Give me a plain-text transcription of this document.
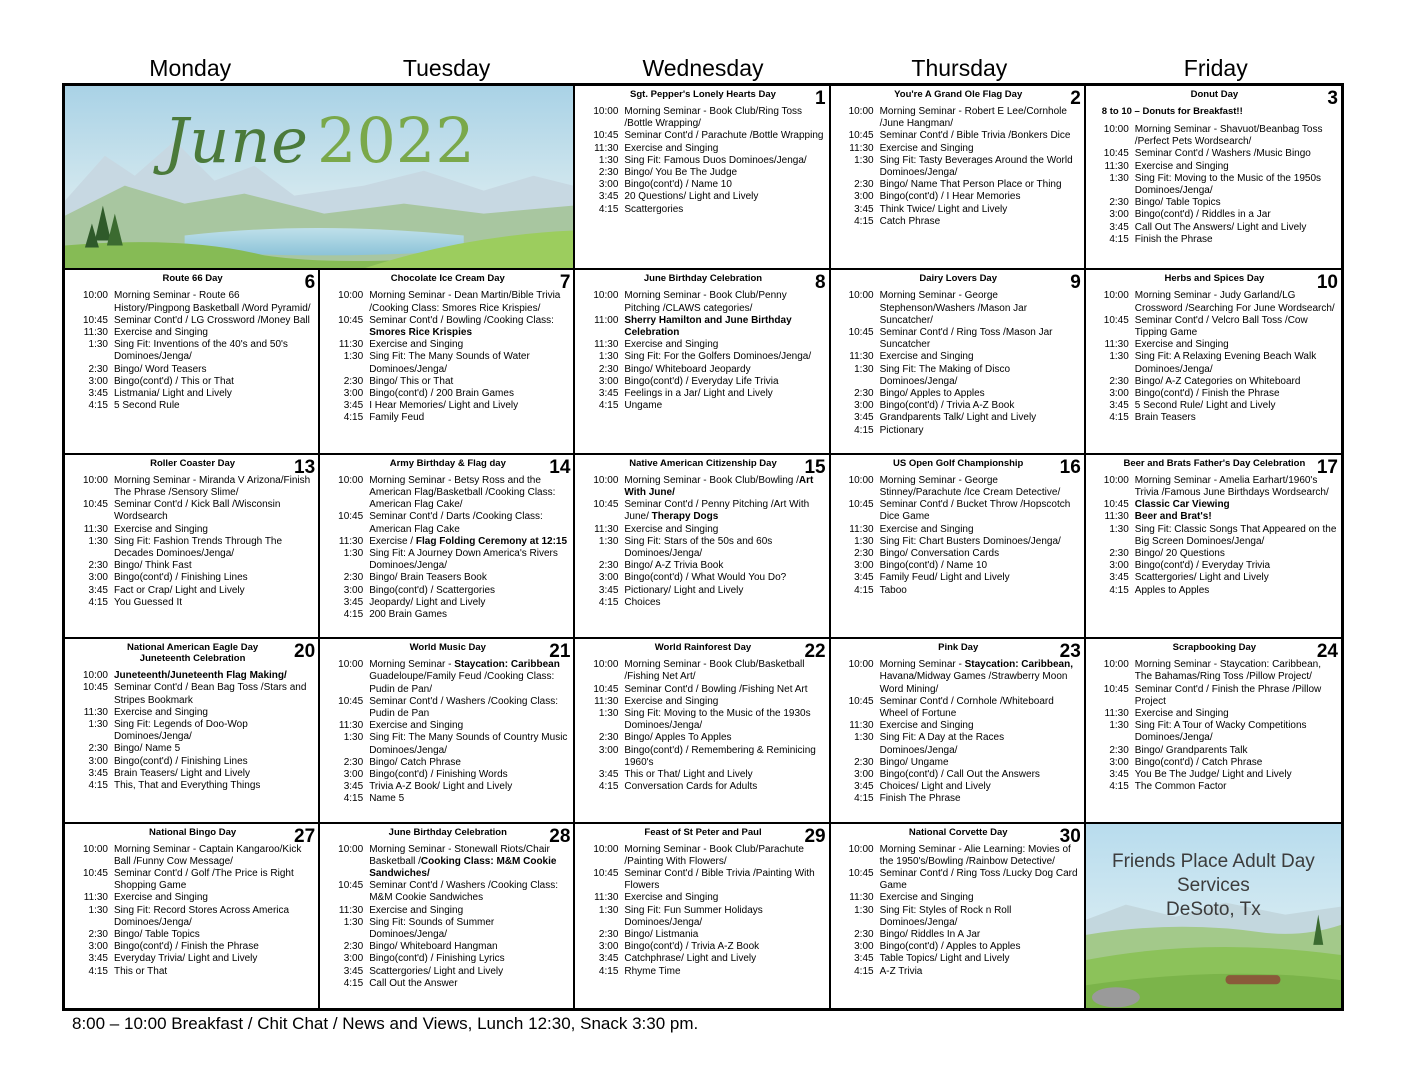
Monday	Tuesday	Wednesday	Thursday	Friday
June 2022
Sgt. Pepper's Lonely Hearts Day	1
10:00 Morning Seminar - Book Club/Ring Toss /Bottle Wrapping/
10:45 Seminar Cont'd / Parachute /Bottle Wrapping
11:30 Exercise and Singing
1:30 Sing Fit: Famous Duos Dominoes/Jenga/
2:30 Bingo/ You Be The Judge
3:00 Bingo(cont'd) / Name 10
3:45 20 Questions/ Light and Lively
4:15 Scattergories
You're A Grand Ole Flag Day	2
10:00 Morning Seminar - Robert E Lee/Cornhole /June Hangman/
10:45 Seminar Cont'd / Bible Trivia /Bonkers Dice
11:30 Exercise and Singing
1:30 Sing Fit: Tasty Beverages Around the World Dominoes/Jenga/
2:30 Bingo/ Name That Person Place or Thing
3:00 Bingo(cont'd) / I Hear Memories
3:45 Think Twice/ Light and Lively
4:15 Catch Phrase
Donut Day	3
8 to 10 – Donuts for Breakfast!!
10:00 Morning Seminar - Shavuot/Beanbag Toss /Perfect Pets Wordsearch/
10:45 Seminar Cont'd / Washers /Music Bingo
11:30 Exercise and Singing
1:30 Sing Fit: Moving to the Music of the 1950s Dominoes/Jenga/
2:30 Bingo/ Table Topics
3:00 Bingo(cont'd) / Riddles in a Jar
3:45 Call Out The Answers/ Light and Lively
4:15 Finish the Phrase
Route 66 Day	6
10:00 Morning Seminar - Route 66 History/Pingpong Basketball /Word Pyramid/
10:45 Seminar Cont'd / LG Crossword /Money Ball
11:30 Exercise and Singing
1:30 Sing Fit: Inventions of the 40's and 50's Dominoes/Jenga/
2:30 Bingo/ Word Teasers
3:00 Bingo(cont'd) / This or That
3:45 Listmania/ Light and Lively
4:15 5 Second Rule
Chocolate Ice Cream Day	7
10:00 Morning Seminar - Dean Martin/Bible Trivia /Cooking Class: Smores Rice Krispies/
10:45 Seminar Cont'd / Bowling /Cooking Class: Smores Rice Krispies
11:30 Exercise and Singing
1:30 Sing Fit: The Many Sounds of Water Dominoes/Jenga/
2:30 Bingo/ This or That
3:00 Bingo(cont'd) / 200 Brain Games
3:45 I Hear Memories/ Light and Lively
4:15 Family Feud
June Birthday Celebration	8
10:00 Morning Seminar - Book Club/Penny Pitching /CLAWS categories/
11:00 Sherry Hamilton and June Birthday Celebration
11:30 Exercise and Singing
1:30 Sing Fit: For the Golfers Dominoes/Jenga/
2:30 Bingo/ Whiteboard Jeopardy
3:00 Bingo(cont'd) / Everyday Life Trivia
3:45 Feelings in a Jar/ Light and Lively
4:15 Ungame
Dairy Lovers Day	9
10:00 Morning Seminar - George Stephenson/Washers /Mason Jar Suncatcher/
10:45 Seminar Cont'd / Ring Toss /Mason Jar Suncatcher
11:30 Exercise and Singing
1:30 Sing Fit: The Making of Disco Dominoes/Jenga/
2:30 Bingo/ Apples to Apples
3:00 Bingo(cont'd) / Trivia A-Z Book
3:45 Grandparents Talk/ Light and Lively
4:15 Pictionary
Herbs and Spices Day	10
10:00 Morning Seminar - Judy Garland/LG Crossword /Searching For June Wordsearch/
10:45 Seminar Cont'd / Velcro Ball Toss /Cow Tipping Game
11:30 Exercise and Singing
1:30 Sing Fit: A Relaxing Evening Beach Walk Dominoes/Jenga/
2:30 Bingo/ A-Z Categories on Whiteboard
3:00 Bingo(cont'd) / Finish the Phrase
3:45 5 Second Rule/ Light and Lively
4:15 Brain Teasers
Roller Coaster Day	13
10:00 Morning Seminar - Miranda V Arizona/Finish The Phrase /Sensory Slime/
10:45 Seminar Cont'd / Kick Ball /Wisconsin Wordsearch
11:30 Exercise and Singing
1:30 Sing Fit: Fashion Trends Through The Decades Dominoes/Jenga/
2:30 Bingo/ Think Fast
3:00 Bingo(cont'd) / Finishing Lines
3:45 Fact or Crap/ Light and Lively
4:15 You Guessed It
Army Birthday & Flag day	14
10:00 Morning Seminar - Betsy Ross and the American Flag/Basketball /Cooking Class: American Flag Cake/
10:45 Seminar Cont'd / Darts /Cooking Class: American Flag Cake
11:30 Exercise / Flag Folding Ceremony at 12:15
1:30 Sing Fit: A Journey Down America's Rivers Dominoes/Jenga/
2:30 Bingo/ Brain Teasers Book
3:00 Bingo(cont'd) / Scattergories
3:45 Jeopardy/ Light and Lively
4:15 200 Brain Games
Native American Citizenship Day	15
10:00 Morning Seminar - Book Club/Bowling /Art With June/
10:45 Seminar Cont'd / Penny Pitching /Art With June/ Therapy Dogs
11:30 Exercise and Singing
1:30 Sing Fit: Stars of the 50s and 60s Dominoes/Jenga/
2:30 Bingo/ A-Z Trivia Book
3:00 Bingo(cont'd) / What Would You Do?
3:45 Pictionary/ Light and Lively
4:15 Choices
US Open Golf Championship	16
10:00 Morning Seminar - George Stinney/Parachute /Ice Cream Detective/
10:45 Seminar Cont'd / Bucket Throw /Hopscotch Dice Game
11:30 Exercise and Singing
1:30 Sing Fit: Chart Busters Dominoes/Jenga/
2:30 Bingo/ Conversation Cards
3:00 Bingo(cont'd) / Name 10
3:45 Family Feud/ Light and Lively
4:15 Taboo
Beer and Brats Father's Day Celebration 17
10:00 Morning Seminar - Amelia Earhart/1960's Trivia /Famous June Birthdays Wordsearch/
10:45 Classic Car Viewing
11:30 Beer and Brat's!
1:30 Sing Fit: Classic Songs That Appeared on the Big Screen Dominoes/Jenga/
2:30 Bingo/ 20 Questions
3:00 Bingo(cont'd) / Everyday Trivia
3:45 Scattergories/ Light and Lively
4:15 Apples to Apples
National American Eagle Day
Juneteenth Celebration	20
10:00 Juneteenth/Juneteenth Flag Making/
10:45 Seminar Cont'd / Bean Bag Toss /Stars and Stripes Bookmark
11:30 Exercise and Singing
1:30 Sing Fit: Legends of Doo-Wop Dominoes/Jenga/
2:30 Bingo/ Name 5
3:00 Bingo(cont'd) / Finishing Lines
3:45 Brain Teasers/ Light and Lively
4:15 This, That and Everything Things
World Music Day	21
10:00 Morning Seminar - Staycation: Caribbean Guadeloupe/Family Feud /Cooking Class: Pudin de Pan/
10:45 Seminar Cont'd / Washers /Cooking Class: Pudin de Pan
11:30 Exercise and Singing
1:30 Sing Fit: The Many Sounds of Country Music Dominoes/Jenga/
2:30 Bingo/ Catch Phrase
3:00 Bingo(cont'd) / Finishing Words
3:45 Trivia A-Z Book/ Light and Lively
4:15 Name 5
World Rainforest Day	22
10:00 Morning Seminar - Book Club/Basketball /Fishing Net Art/
10:45 Seminar Cont'd / Bowling /Fishing Net Art
11:30 Exercise and Singing
1:30 Sing Fit: Moving to the Music of the 1930s Dominoes/Jenga/
2:30 Bingo/ Apples To Apples
3:00 Bingo(cont'd) / Remembering & Reminicing 1960's
3:45 This or That/ Light and Lively
4:15 Conversation Cards for Adults
Pink Day	23
10:00 Morning Seminar - Staycation: Caribbean, Havana/Midway Games /Strawberry Moon Word Mining/
10:45 Seminar Cont'd / Cornhole /Whiteboard Wheel of Fortune
11:30 Exercise and Singing
1:30 Sing Fit: A Day at the Races Dominoes/Jenga/
2:30 Bingo/ Ungame
3:00 Bingo(cont'd) / Call Out the Answers
3:45 Choices/ Light and Lively
4:15 Finish The Phrase
Scrapbooking Day	24
10:00 Morning Seminar - Staycation: Caribbean, The Bahamas/Ring Toss /Pillow Project/
10:45 Seminar Cont'd / Finish the Phrase /Pillow Project
11:30 Exercise and Singing
1:30 Sing Fit: A Tour of Wacky Competitions Dominoes/Jenga/
2:30 Bingo/ Grandparents Talk
3:00 Bingo(cont'd) / Catch Phrase
3:45 You Be The Judge/ Light and Lively
4:15 The Common Factor
National Bingo Day	27
10:00 Morning Seminar - Captain Kangaroo/Kick Ball /Funny Cow Message/
10:45 Seminar Cont'd / Golf /The Price is Right Shopping Game
11:30 Exercise and Singing
1:30 Sing Fit: Record Stores Across America Dominoes/Jenga/
2:30 Bingo/ Table Topics
3:00 Bingo(cont'd) / Finish the Phrase
3:45 Everyday Trivia/ Light and Lively
4:15 This or That
June Birthday Celebration	28
10:00 Morning Seminar - Stonewall Riots/Chair Basketball /Cooking Class: M&M Cookie Sandwiches/
10:45 Seminar Cont'd / Washers /Cooking Class: M&M Cookie Sandwiches
11:30 Exercise and Singing
1:30 Sing Fit: Sounds of Summer Dominoes/Jenga/
2:30 Bingo/ Whiteboard Hangman
3:00 Bingo(cont'd) / Finishing Lyrics
3:45 Scattergories/ Light and Lively
4:15 Call Out the Answer
Feast of St Peter and Paul	29
10:00 Morning Seminar - Book Club/Parachute /Painting With Flowers/
10:45 Seminar Cont'd / Bible Trivia /Painting With Flowers
11:30 Exercise and Singing
1:30 Sing Fit: Fun Summer Holidays Dominoes/Jenga/
2:30 Bingo/ Listmania
3:00 Bingo(cont'd) / Trivia A-Z Book
3:45 Catchphrase/ Light and Lively
4:15 Rhyme Time
National Corvette Day	30
10:00 Morning Seminar - Alie Learning: Movies of the 1950's/Bowling /Rainbow Detective/
10:45 Seminar Cont'd / Ring Toss /Lucky Dog Card Game
11:30 Exercise and Singing
1:30 Sing Fit: Styles of Rock n Roll Dominoes/Jenga/
2:30 Bingo/ Riddles In A Jar
3:00 Bingo(cont'd) / Apples to Apples
3:45 Table Topics/ Light and Lively
4:15 A-Z Trivia
Friends Place Adult Day
Services
DeSoto, Tx
8:00 – 10:00 Breakfast / Chit Chat / News and Views, Lunch 12:30, Snack 3:30 pm.
